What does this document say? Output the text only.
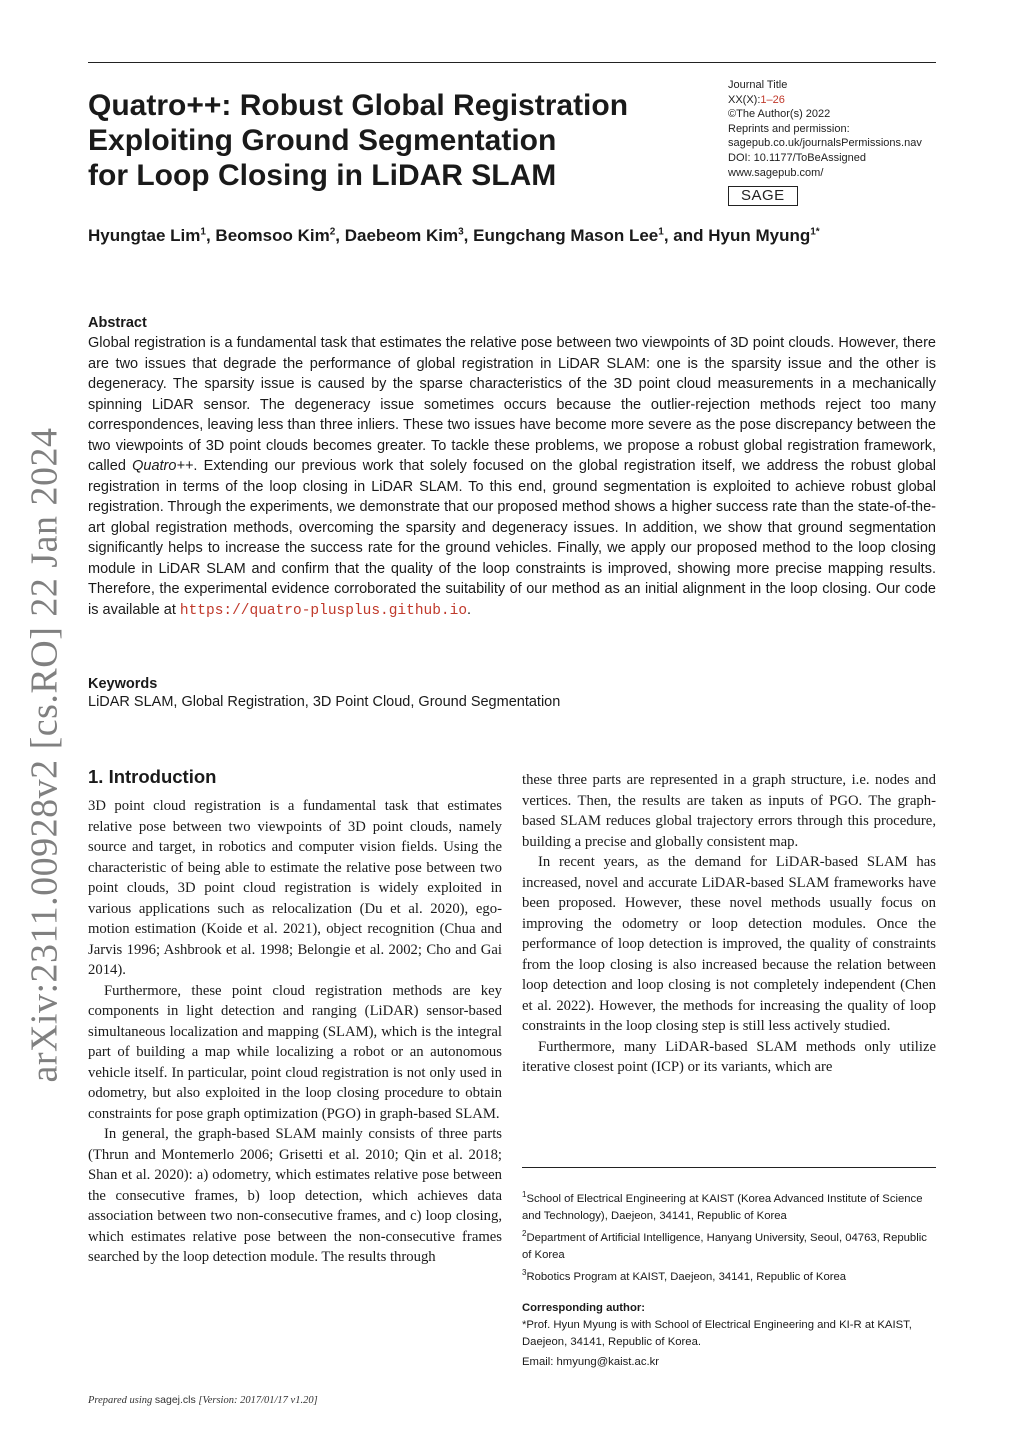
arXiv:2311.00928v2 [cs.RO] 22 Jan 2024
Quatro++: Robust Global Registration
Exploiting Ground Segmentation
for Loop Closing in LiDAR SLAM
Journal Title
XX(X):1–26
©The Author(s) 2022
Reprints and permission:
sagepub.co.uk/journalsPermissions.nav
DOI: 10.1177/ToBeAssigned
www.sagepub.com/
SAGE
Hyungtae Lim$^1$, Beomsoo Kim$^2$, Daebeom Kim$^3$, Eungchang Mason Lee$^1$, and Hyun Myung$^{1*}$
Abstract
Global registration is a fundamental task that estimates the relative pose between two viewpoints of 3D point clouds. However, there are two issues that degrade the performance of global registration in LiDAR SLAM: one is the sparsity issue and the other is degeneracy. The sparsity issue is caused by the sparse characteristics of the 3D point cloud measurements in a mechanically spinning LiDAR sensor. The degeneracy issue sometimes occurs because the outlier-rejection methods reject too many correspondences, leaving less than three inliers. These two issues have become more severe as the pose discrepancy between the two viewpoints of 3D point clouds becomes greater. To tackle these problems, we propose a robust global registration framework, called Quatro++. Extending our previous work that solely focused on the global registration itself, we address the robust global registration in terms of the loop closing in LiDAR SLAM. To this end, ground segmentation is exploited to achieve robust global registration. Through the experiments, we demonstrate that our proposed method shows a higher success rate than the state-of-the-art global registration methods, overcoming the sparsity and degeneracy issues. In addition, we show that ground segmentation significantly helps to increase the success rate for the ground vehicles. Finally, we apply our proposed method to the loop closing module in LiDAR SLAM and confirm that the quality of the loop constraints is improved, showing more precise mapping results. Therefore, the experimental evidence corroborated the suitability of our method as an initial alignment in the loop closing. Our code is available at https://quatro-plusplus.github.io.
Keywords
LiDAR SLAM, Global Registration, 3D Point Cloud, Ground Segmentation
1. Introduction

3D point cloud registration is a fundamental task that estimates relative pose between two viewpoints of 3D point clouds, namely source and target, in robotics and computer vision fields. Using the characteristic of being able to estimate the relative pose between two point clouds, 3D point cloud registration is widely exploited in various applications such as relocalization (Du et al. 2020), ego-motion estimation (Koide et al. 2021), object recognition (Chua and Jarvis 1996; Ashbrook et al. 1998; Belongie et al. 2002; Cho and Gai 2014).

Furthermore, these point cloud registration methods are key components in light detection and ranging (LiDAR) sensor-based simultaneous localization and mapping (SLAM), which is the integral part of building a map while localizing a robot or an autonomous vehicle itself. In particular, point cloud registration is not only used in odometry, but also exploited in the loop closing procedure to obtain constraints for pose graph optimization (PGO) in graph-based SLAM.

In general, the graph-based SLAM mainly consists of three parts (Thrun and Montemerlo 2006; Grisetti et al. 2010; Qin et al. 2018; Shan et al. 2020): a) odometry, which estimates relative pose between the consecutive frames, b) loop detection, which achieves data association between two non-consecutive frames, and c) loop closing, which estimates relative pose between the non-consecutive frames searched by the loop detection module. The results through

these three parts are represented in a graph structure, i.e. nodes and vertices. Then, the results are taken as inputs of PGO. The graph-based SLAM reduces global trajectory errors through this procedure, building a precise and globally consistent map.

In recent years, as the demand for LiDAR-based SLAM has increased, novel and accurate LiDAR-based SLAM frameworks have been proposed. However, these novel methods usually focus on improving the odometry or loop detection modules. Once the performance of loop detection is improved, the quality of constraints from the loop closing is also increased because the relation between loop detection and loop closing is not completely independent (Chen et al. 2022). However, the methods for increasing the quality of loop constraints in the loop closing step is still less actively studied.

Furthermore, many LiDAR-based SLAM methods only utilize iterative closest point (ICP) or its variants, which are

$^1$School of Electrical Engineering at KAIST (Korea Advanced Institute of Science and Technology), Daejeon, 34141, Republic of Korea
$^2$Department of Artificial Intelligence, Hanyang University, Seoul, 04763, Republic of Korea
$^3$Robotics Program at KAIST, Daejeon, 34141, Republic of Korea
Corresponding author:
*Prof. Hyun Myung is with School of Electrical Engineering and KI-R at KAIST, Daejeon, 34141, Republic of Korea.
Email: hmyung@kaist.ac.kr
Prepared using sagej.cls [Version: 2017/01/17 v1.20]
